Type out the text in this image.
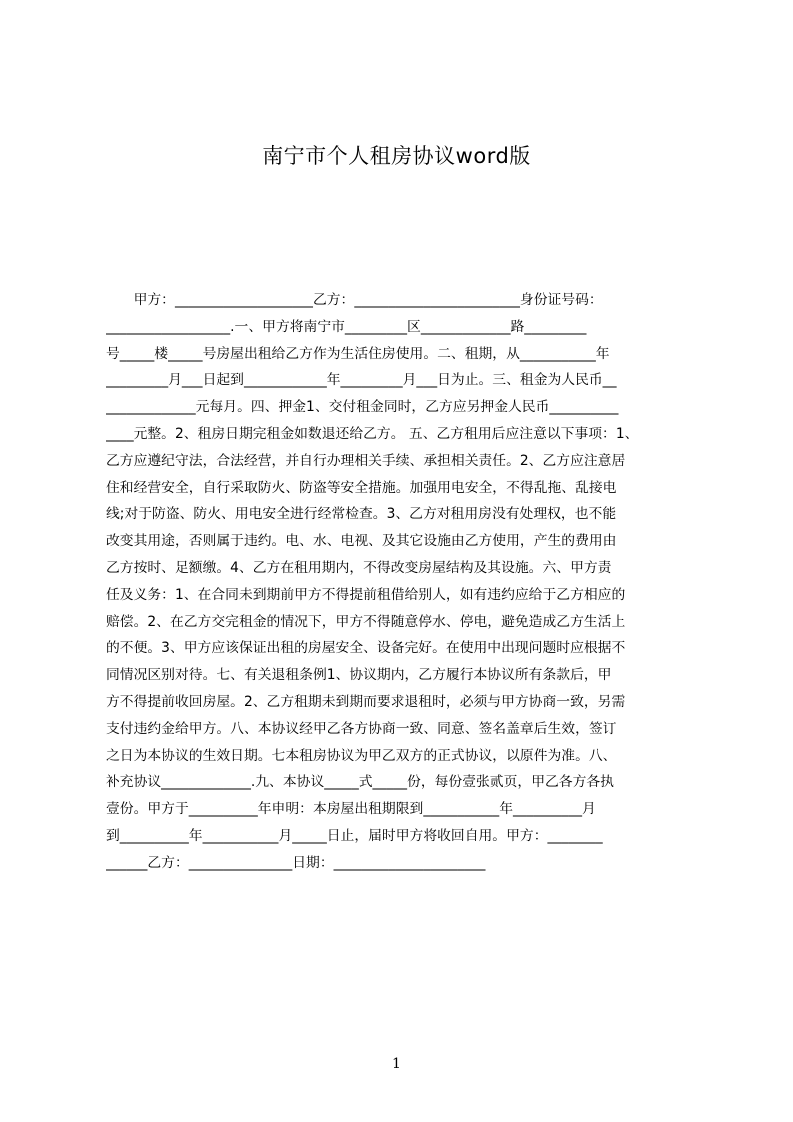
南宁市个人租房协议word版
　　甲方：____________________乙方：________________________身份证号码：
__________________.一、甲方将南宁市_________区_____________路_________
号_____楼_____号房屋出租给乙方作为生活住房使用。二、租期，从___________年
_________月___日起到____________年_________月___日为止。三、租金为人民币__
_____________元每月。四、押金1、交付租金同时，乙方应另押金人民币__________
____元整。2、租房日期完租金如数退还给乙方。 五、乙方租用后应注意以下事项：1、
乙方应遵纪守法，合法经营，并自行办理相关手续、承担相关责任。2、乙方应注意居
住和经营安全，自行采取防火、防盗等安全措施。加强用电安全，不得乱拖、乱接电
线;对于防盗、防火、用电安全进行经常检查。3、乙方对租用房没有处理权，也不能
改变其用途，否则属于违约。电、水、电视、及其它设施由乙方使用，产生的费用由
乙方按时、足额缴。4、乙方在租用期内，不得改变房屋结构及其设施。六、甲方责
任及义务：1、在合同未到期前甲方不得提前租借给别人，如有违约应给于乙方相应的
赔偿。2、在乙方交完租金的情况下，甲方不得随意停水、停电，避免造成乙方生活上
的不便。3、甲方应该保证出租的房屋安全、设备完好。在使用中出现问题时应根据不
同情况区别对待。七、有关退租条例1、协议期内，乙方履行本协议所有条款后，甲
方不得提前收回房屋。2、乙方租期未到期而要求退租时，必须与甲方协商一致，另需
支付违约金给甲方。八、本协议经甲乙各方协商一致、同意、签名盖章后生效，签订
之日为本协议的生效日期。七本租房协议为甲乙双方的正式协议，以原件为准。八、
补充协议_____________.九、本协议_____式_____份，每份壹张贰页，甲乙各方各执
壹份。甲方于__________年申明：本房屋出租期限到___________年__________月
到__________年___________月_____日止，届时甲方将收回自用。甲方：________
______乙方：_______________日期：______________________
1
